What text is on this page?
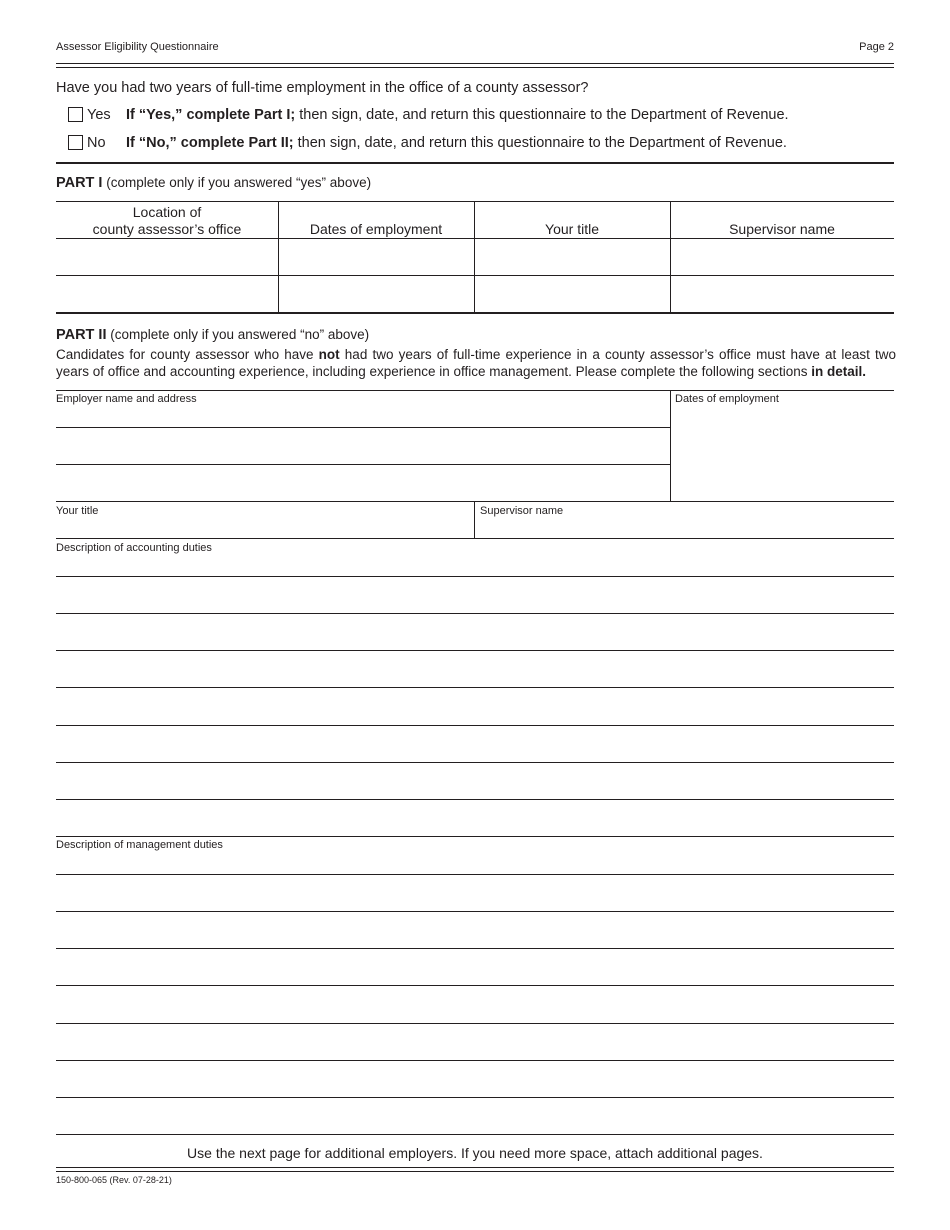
Assessor Eligibility Questionnaire	Page 2
Have you had two years of full-time employment in the office of a county assessor?
Yes If “Yes,” complete Part I; then sign, date, and return this questionnaire to the Department of Revenue.
No If “No,” complete Part II; then sign, date, and return this questionnaire to the Department of Revenue.
PART I (complete only if you answered “yes” above)
Location of
county assessor’s office	Dates of employment	Your title	Supervisor name
PART II (complete only if you answered “no” above)
Candidates for county assessor who have not had two years of full-time experience in a county assessor’s office must have at least two years of office and accounting experience, including experience in office management. Please complete the following sections in detail.
Employer name and address	Dates of employment
Your title	Supervisor name
Description of accounting duties
Description of management duties
Use the next page for additional employers. If you need more space, attach additional pages.
150-800-065 (Rev. 07-28-21)
